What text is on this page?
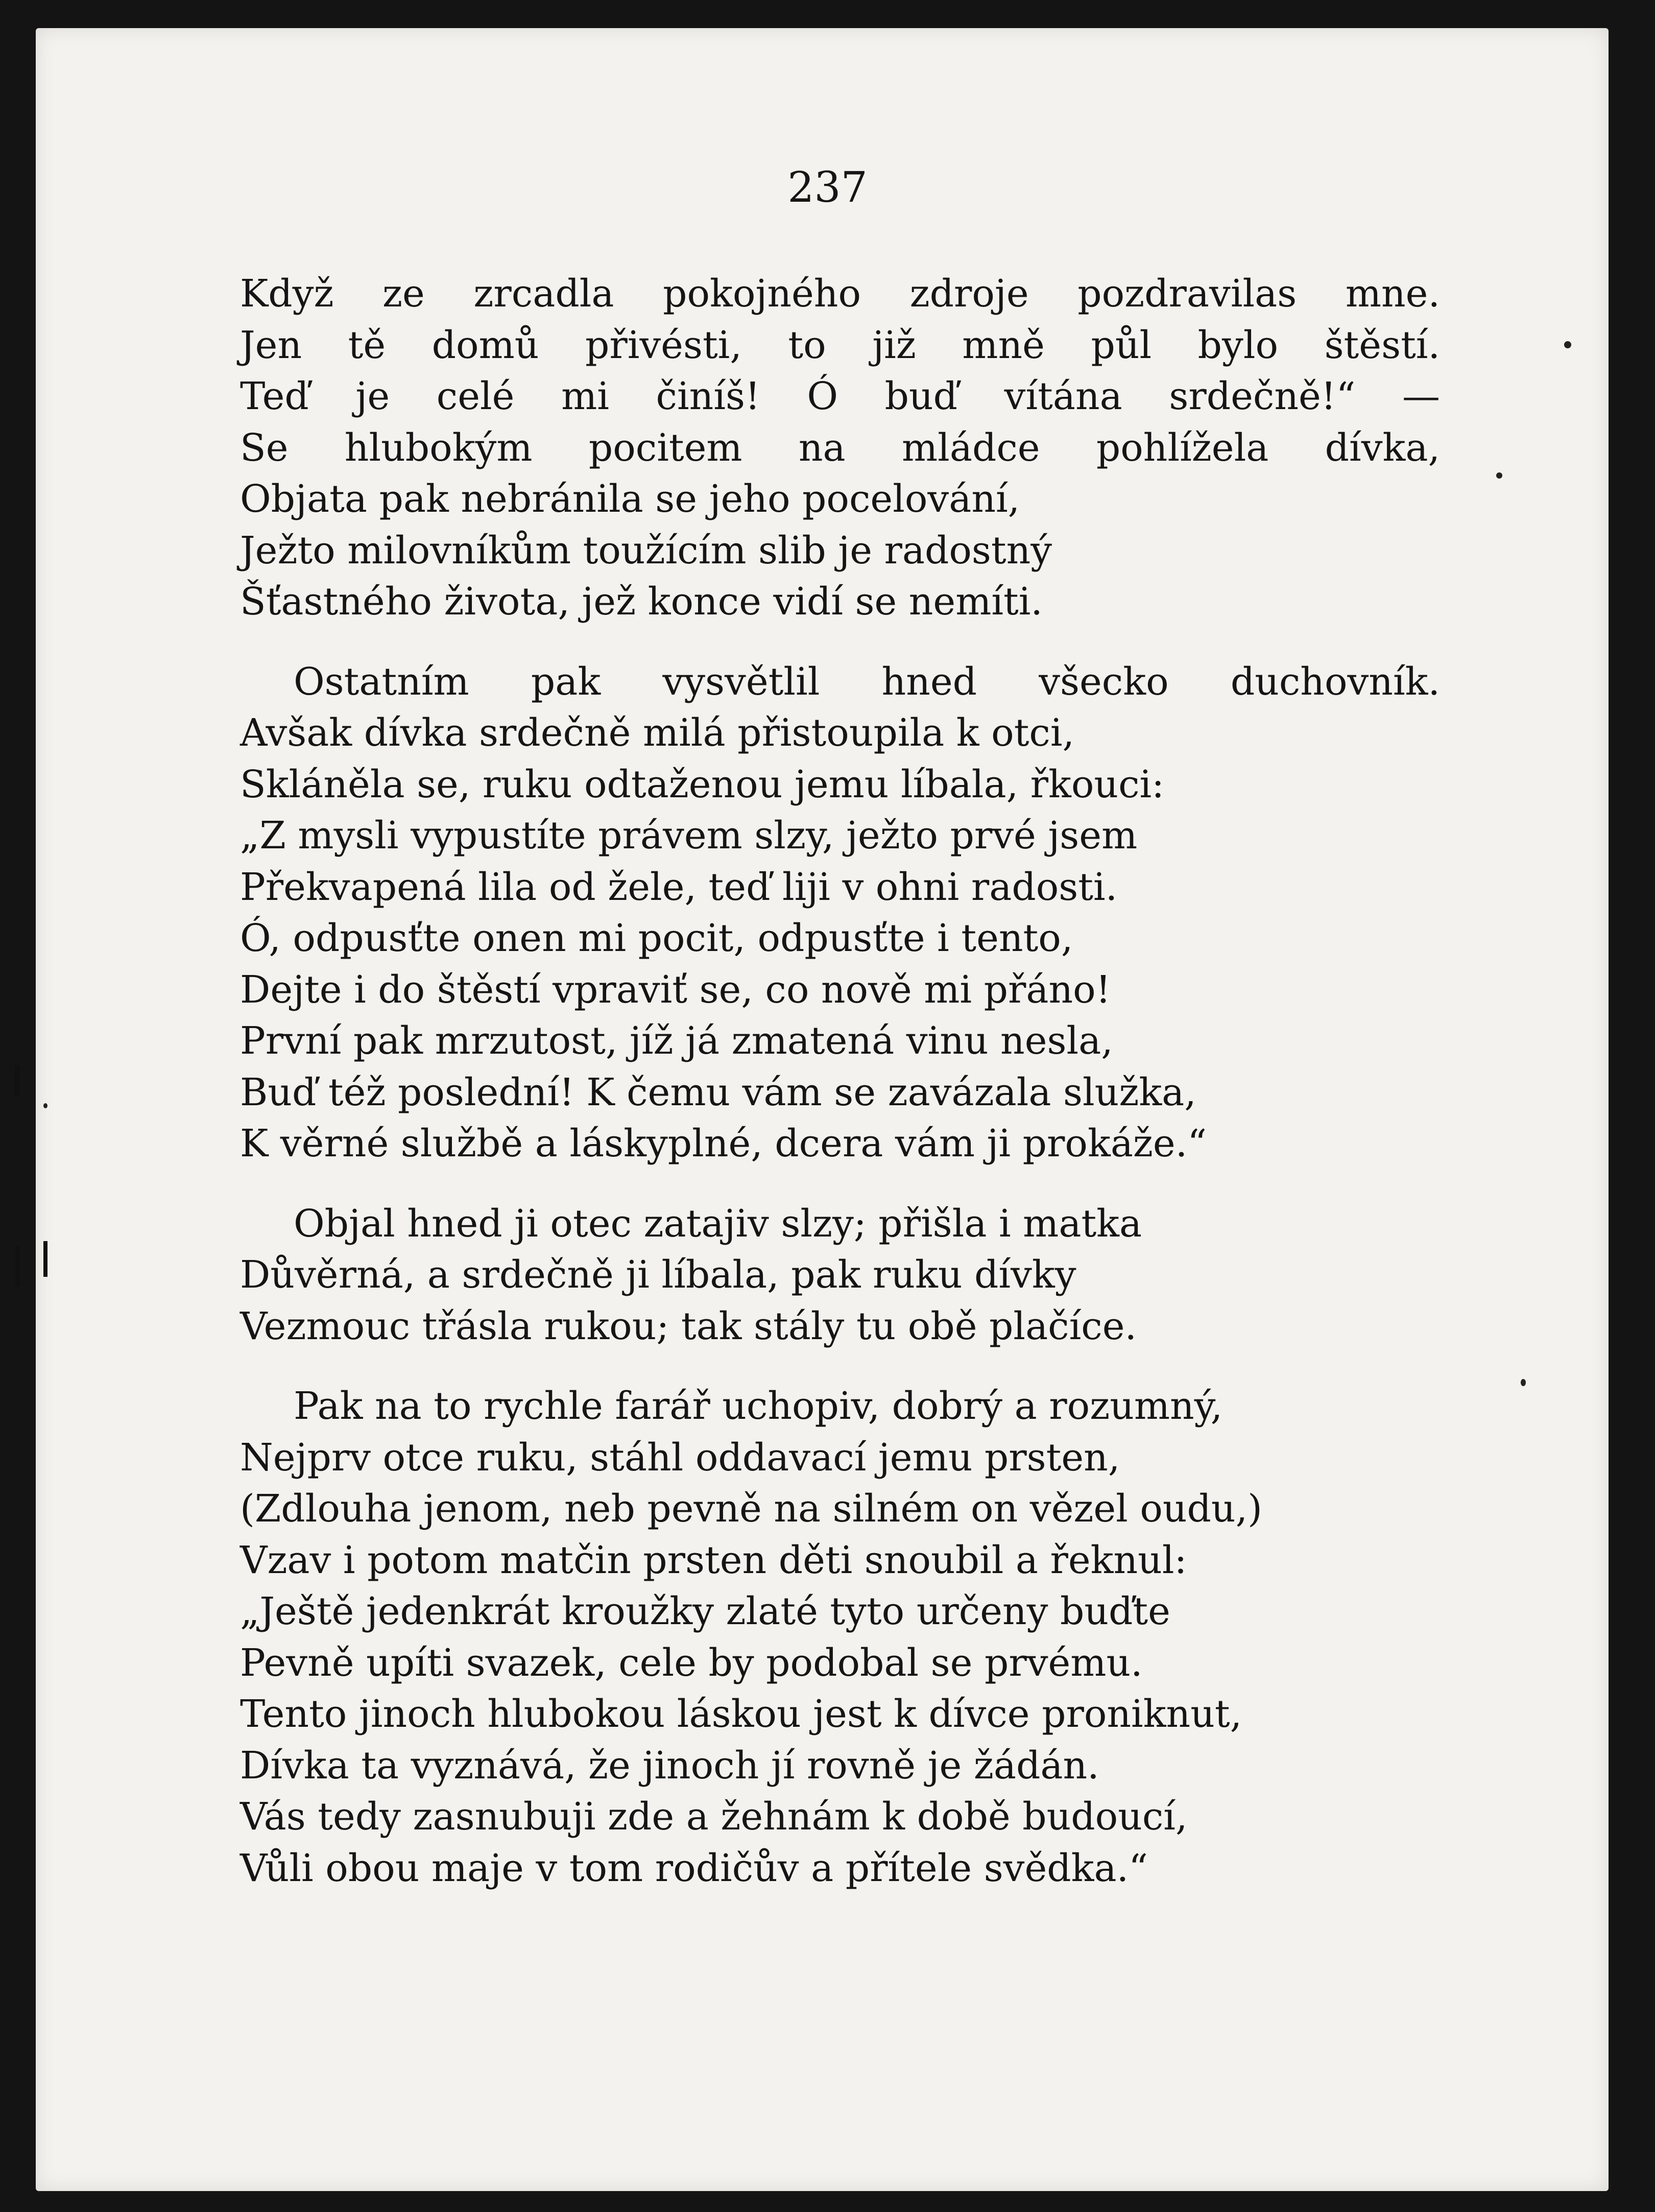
237
Když ze zrcadla pokojného zdroje pozdravilas mne.
Jen tě domů přivésti, to již mně půl bylo štěstí.
Teď je celé mi činíš! Ó buď vítána srdečně!“ —
Se hlubokým pocitem na mládce pohlížela dívka,
Objata pak nebránila se jeho pocelování,
Ježto milovníkům toužícím slib je radostný
Šťastného života, jež konce vidí se nemíti.
Ostatním pak vysvětlil hned všecko duchovník.
Avšak dívka srdečně milá přistoupila k otci,
Skláněla se, ruku odtaženou jemu líbala, řkouci:
„Z mysli vypustíte právem slzy, ježto prvé jsem
Překvapená lila od žele, teď liji v ohni radosti.
Ó, odpusťte onen mi pocit, odpusťte i tento,
Dejte i do štěstí vpraviť se, co nově mi přáno!
První pak mrzutost, jíž já zmatená vinu nesla,
Buď též poslední! K čemu vám se zavázala služka,
K věrné službě a láskyplné, dcera vám ji prokáže.“
Objal hned ji otec zatajiv slzy; přišla i matka
Důvěrná, a srdečně ji líbala, pak ruku dívky
Vezmouc třásla rukou; tak stály tu obě plačíce.
Pak na to rychle farář uchopiv, dobrý a rozumný,
Nejprv otce ruku, stáhl oddavací jemu prsten,
(Zdlouha jenom, neb pevně na silném on vězel oudu,)
Vzav i potom matčin prsten děti snoubil a řeknul:
„Ještě jedenkrát kroužky zlaté tyto určeny buďte
Pevně upíti svazek, cele by podobal se prvému.
Tento jinoch hlubokou láskou jest k dívce proniknut,
Dívka ta vyznává, že jinoch jí rovně je žádán.
Vás tedy zasnubuji zde a žehnám k době budoucí,
Vůli obou maje v tom rodičův a přítele svědka.“
